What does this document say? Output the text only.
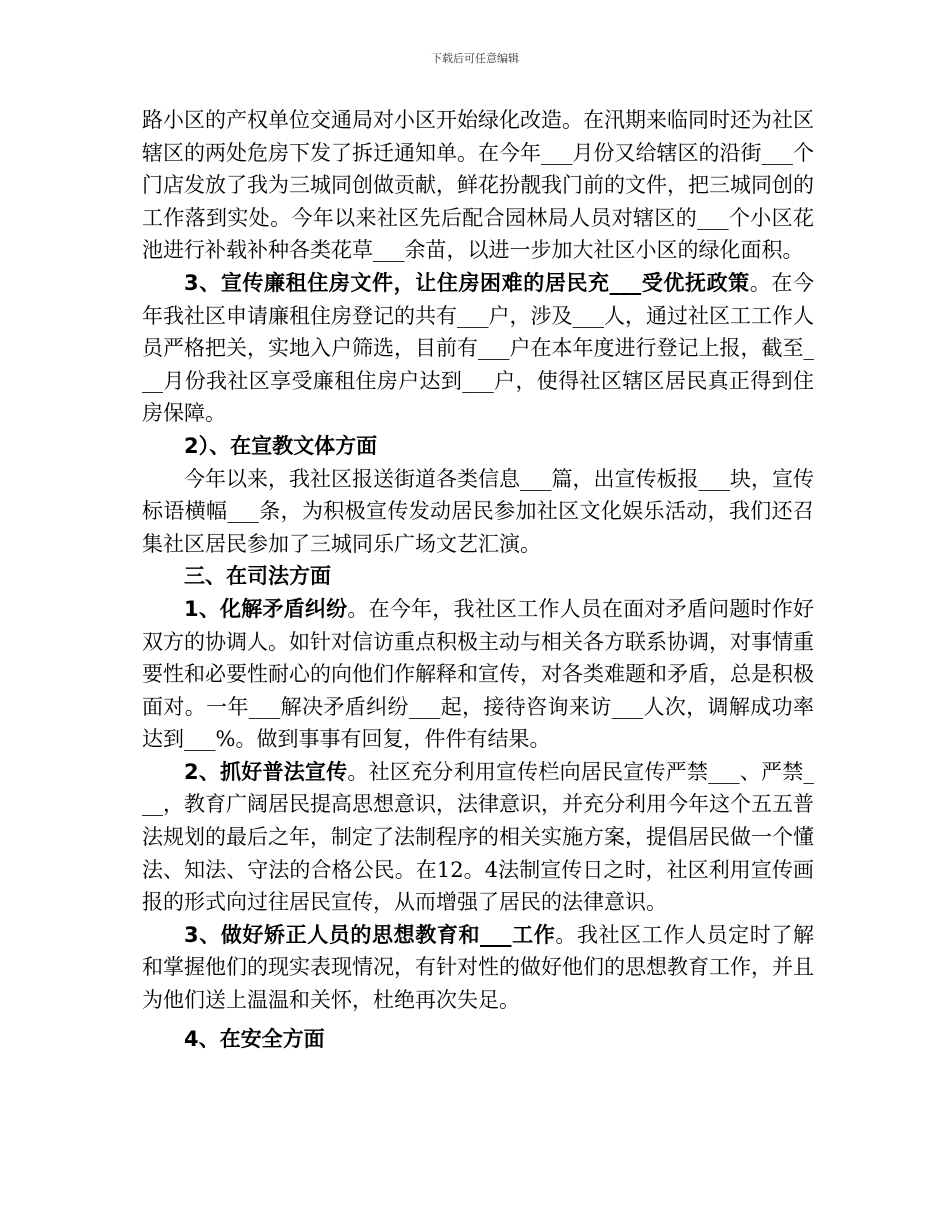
下载后可任意编辑

路小区的产权单位交通局对小区开始绿化改造。在汛期来临同时还为社区辖区的两处危房下发了拆迁通知单。在今年___月份又给辖区的沿街___个门店发放了我为三城同创做贡献，鲜花扮靓我门前的文件，把三城同创的工作落到实处。今年以来社区先后配合园林局人员对辖区的___个小区花池进行补载补种各类花草___余苗，以进一步加大社区小区的绿化面积。

3、宣传廉租住房文件，让住房困难的居民充___受优抚政策。在今年我社区申请廉租住房登记的共有___户，涉及___人，通过社区工工作人员严格把关，实地入户筛选，目前有___户在本年度进行登记上报，截至___月份我社区享受廉租住房户达到___户，使得社区辖区居民真正得到住房保障。

2）、在宣教文体方面

今年以来，我社区报送街道各类信息___篇，出宣传板报___块，宣传标语横幅___条，为积极宣传发动居民参加社区文化娱乐活动，我们还召集社区居民参加了三城同乐广场文艺汇演。

三、在司法方面

1、化解矛盾纠纷。在今年，我社区工作人员在面对矛盾问题时作好双方的协调人。如针对信访重点积极主动与相关各方联系协调，对事情重要性和必要性耐心的向他们作解释和宣传，对各类难题和矛盾，总是积极面对。一年___解决矛盾纠纷___起，接待咨询来访___人次，调解成功率达到___%。做到事事有回复，件件有结果。

2、抓好普法宣传。社区充分利用宣传栏向居民宣传严禁___、严禁___，教育广阔居民提高思想意识，法律意识，并充分利用今年这个五五普法规划的最后之年，制定了法制程序的相关实施方案，提倡居民做一个懂法、知法、守法的合格公民。在12。4法制宣传日之时，社区利用宣传画报的形式向过往居民宣传，从而增强了居民的法律意识。

3、做好矫正人员的思想教育和___工作。我社区工作人员定时了解和掌握他们的现实表现情况，有针对性的做好他们的思想教育工作，并且为他们送上温温和关怀，杜绝再次失足。

4、在安全方面
